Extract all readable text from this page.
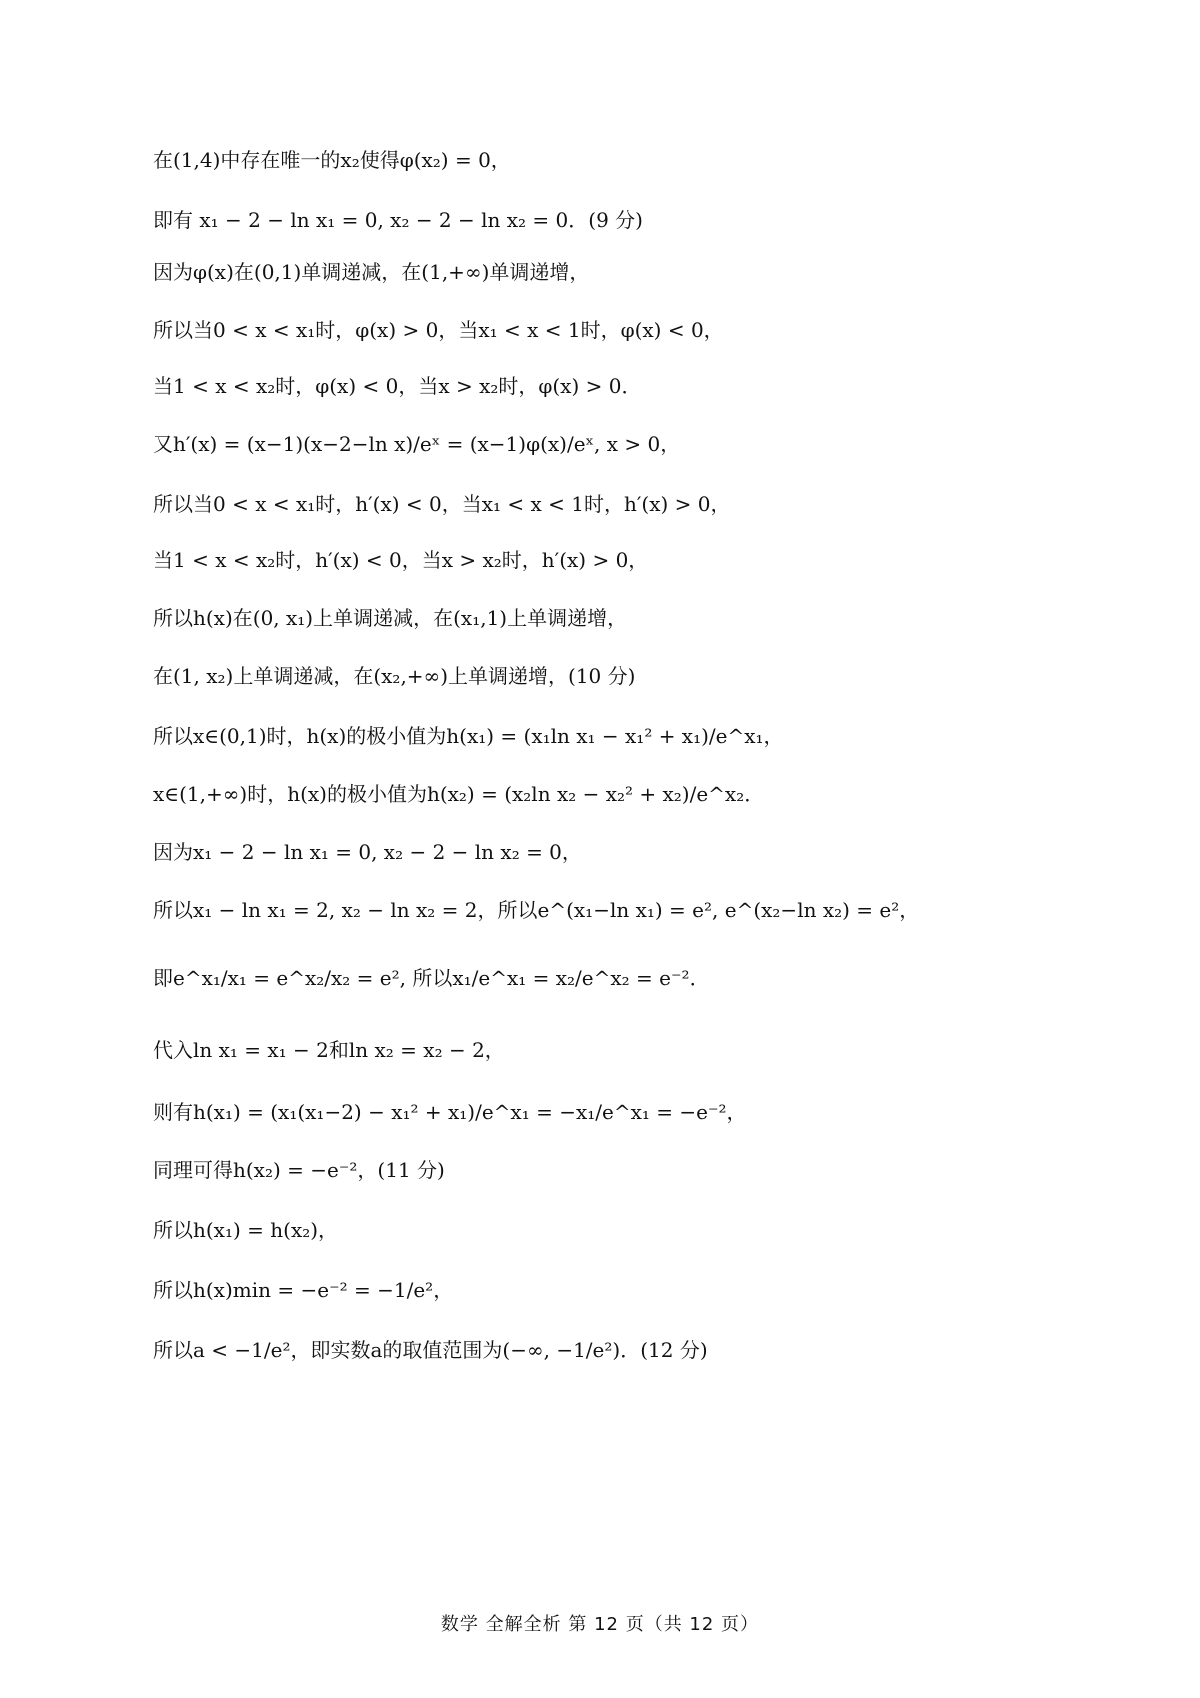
在(1,4)中存在唯一的x₂使得φ(x₂) = 0，
即有 x₁ − 2 − ln x₁ = 0, x₂ − 2 − ln x₂ = 0．(9 分)
因为φ(x)在(0,1)单调递减，在(1,+∞)单调递增，
所以当0 < x < x₁时，φ(x) > 0，当x₁ < x < 1时，φ(x) < 0，
当1 < x < x₂时，φ(x) < 0，当x > x₂时，φ(x) > 0．
又h′(x) = (x−1)(x−2−ln x)/eˣ = (x−1)φ(x)/eˣ, x > 0，
所以当0 < x < x₁时，h′(x) < 0，当x₁ < x < 1时，h′(x) > 0，
当1 < x < x₂时，h′(x) < 0，当x > x₂时，h′(x) > 0，
所以h(x)在(0, x₁)上单调递减，在(x₁,1)上单调递增，
在(1, x₂)上单调递减，在(x₂,+∞)上单调递增，(10 分)
所以x∈(0,1)时，h(x)的极小值为h(x₁) = (x₁ln x₁ − x₁² + x₁)/e^x₁，
x∈(1,+∞)时，h(x)的极小值为h(x₂) = (x₂ln x₂ − x₂² + x₂)/e^x₂．
因为x₁ − 2 − ln x₁ = 0, x₂ − 2 − ln x₂ = 0，
所以x₁ − ln x₁ = 2, x₂ − ln x₂ = 2，所以e^(x₁−ln x₁) = e², e^(x₂−ln x₂) = e²，
即e^x₁/x₁ = e^x₂/x₂ = e², 所以x₁/e^x₁ = x₂/e^x₂ = e⁻²．
代入ln x₁ = x₁ − 2和ln x₂ = x₂ − 2，
则有h(x₁) = (x₁(x₁−2) − x₁² + x₁)/e^x₁ = −x₁/e^x₁ = −e⁻²，
同理可得h(x₂) = −e⁻²，(11 分)
所以h(x₁) = h(x₂)，
所以h(x)min = −e⁻² = −1/e²，
所以a < −1/e²，即实数a的取值范围为(−∞, −1/e²)．(12 分)
数学 全解全析 第 12 页（共 12 页）
